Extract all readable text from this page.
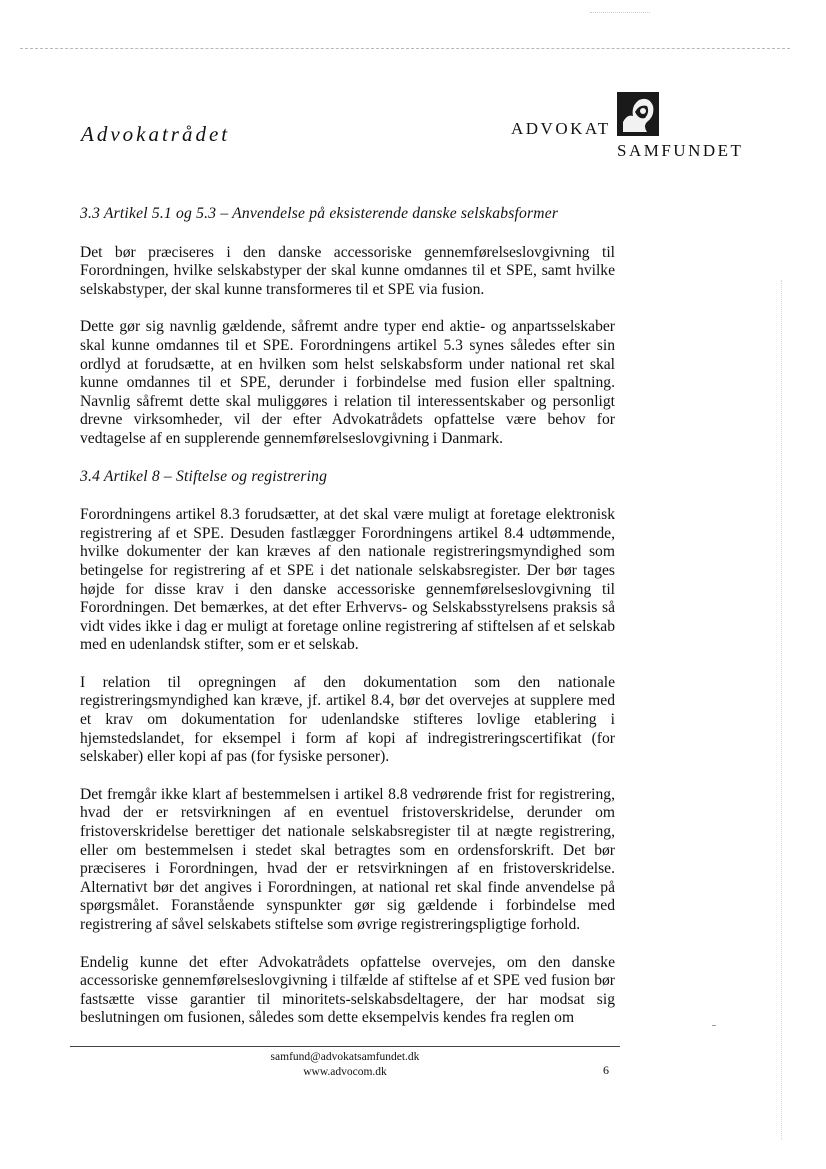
Advokatrådet	ADVOKAT
SAMFUNDET
3.3 Artikel 5.1 og 5.3 – Anvendelse på eksisterende danske selskabsformer

Det bør præciseres i den danske accessoriske gennemførelseslovgivning til Forordningen, hvilke selskabstyper der skal kunne omdannes til et SPE, samt hvilke selskabstyper, der skal kunne transformeres til et SPE via fusion.

Dette gør sig navnlig gældende, såfremt andre typer end aktie- og anpartsselskaber skal kunne omdannes til et SPE. Forordningens artikel 5.3 synes således efter sin ordlyd at forudsætte, at en hvilken som helst selskabsform under national ret skal kunne omdannes til et SPE, derunder i forbindelse med fusion eller spaltning. Navnlig såfremt dette skal muliggøres i relation til interessentskaber og personligt drevne virksomheder, vil der efter Advokatrådets opfattelse være behov for vedtagelse af en supplerende gennemførelseslovgivning i Danmark.

3.4 Artikel 8 – Stiftelse og registrering

Forordningens artikel 8.3 forudsætter, at det skal være muligt at foretage elektronisk registrering af et SPE. Desuden fastlægger Forordningens artikel 8.4 udtømmende, hvilke dokumenter der kan kræves af den nationale registreringsmyndighed som betingelse for registrering af et SPE i det nationale selskabsregister. Der bør tages højde for disse krav i den danske accessoriske gennemførelseslovgivning til Forordningen. Det bemærkes, at det efter Erhvervs- og Selskabsstyrelsens praksis så vidt vides ikke i dag er muligt at foretage online registrering af stiftelsen af et selskab med en udenlandsk stifter, som er et selskab.

I relation til opregningen af den dokumentation som den nationale registreringsmyndighed kan kræve, jf. artikel 8.4, bør det overvejes at supplere med et krav om dokumentation for udenlandske stifteres lovlige etablering i hjemstedslandet, for eksempel i form af kopi af indregistreringscertifikat (for selskaber) eller kopi af pas (for fysiske personer).

Det fremgår ikke klart af bestemmelsen i artikel 8.8 vedrørende frist for registrering, hvad der er retsvirkningen af en eventuel fristoverskridelse, derunder om fristoverskridelse berettiger det nationale selskabsregister til at nægte registrering, eller om bestemmelsen i stedet skal betragtes som en ordensforskrift. Det bør præciseres i Forordningen, hvad der er retsvirkningen af en fristoverskridelse. Alternativt bør det angives i Forordningen, at national ret skal finde anvendelse på spørgsmålet. Foranstående synspunkter gør sig gældende i forbindelse med registrering af såvel selskabets stiftelse som øvrige registreringspligtige forhold.

Endelig kunne det efter Advokatrådets opfattelse overvejes, om den danske accessoriske gennemførelseslovgivning i tilfælde af stiftelse af et SPE ved fusion bør fastsætte visse garantier til minoritets-selskabsdeltagere, der har modsat sig beslutningen om fusionen, således som dette eksempelvis kendes fra reglen om

samfund@advokatsamfundet.dk
www.advocom.dk	6
